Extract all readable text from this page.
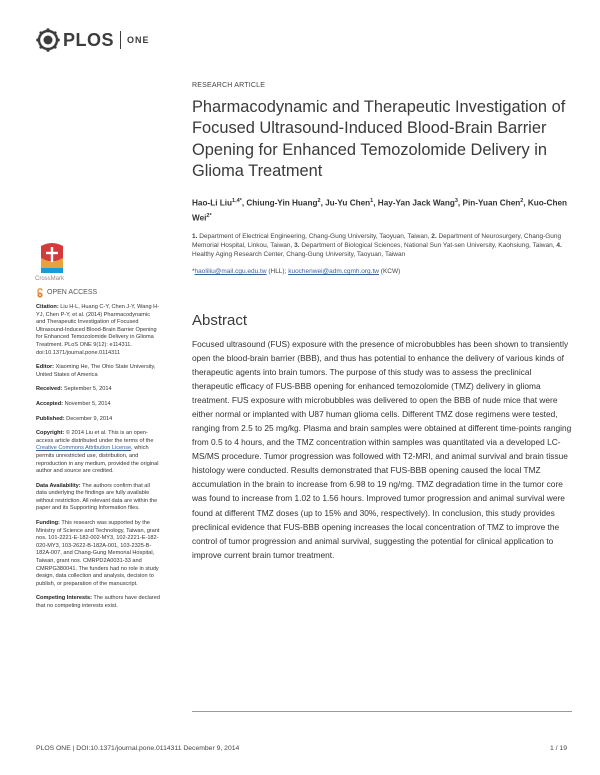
PLOS ONE
CrossMark
OPEN ACCESS

Citation: Liu H-L, Huang C-Y, Chen J-Y, Wang H-YJ, Chen P-Y, et al. (2014) Pharmacodynamic and Therapeutic Investigation of Focused Ultrasound-Induced Blood-Brain Barrier Opening for Enhanced Temozolomide Delivery in Glioma Treatment. PLoS ONE 9(12): e114311. doi:10.1371/journal.pone.0114311

Editor: Xiaoming He, The Ohio State University, United States of America

Received: September 5, 2014

Accepted: November 5, 2014

Published: December 9, 2014

Copyright: © 2014 Liu et al. This is an open-access article distributed under the terms of the Creative Commons Attribution License, which permits unrestricted use, distribution, and reproduction in any medium, provided the original author and source are credited.

Data Availability: The authors confirm that all data underlying the findings are fully available without restriction. All relevant data are within the paper and its Supporting Information files.

Funding: This research was supported by the Ministry of Science and Technology, Taiwan, grant nos. 101-2221-E-182-002-MY3, 102-2221-E-182-020-MY3, 103-2622-B-182A-001, 103-2325-B-182A-007, and Chang-Gung Memorial Hospital, Taiwan, grant nos. CMRPD2A0031-33 and CMRPG380041. The funders had no role in study design, data collection and analysis, decision to publish, or preparation of the manuscript.

Competing Interests: The authors have declared that no competing interests exist.

RESEARCH ARTICLE

Pharmacodynamic and Therapeutic Investigation of Focused Ultrasound-Induced Blood-Brain Barrier Opening for Enhanced Temozolomide Delivery in Glioma Treatment

Hao-Li Liu$^{1,4*}$, Chiung-Yin Huang$^2$, Ju-Yu Chen$^1$, Hay-Yan Jack Wang$^3$, Pin-Yuan Chen$^2$, Kuo-Chen Wei$^{2*}$

1. Department of Electrical Engineering, Chang-Gung University, Taoyuan, Taiwan, 2. Department of Neurosurgery, Chang-Gung Memorial Hospital, Linkou, Taiwan, 3. Department of Biological Sciences, National Sun Yat-sen University, Kaohsiung, Taiwan, 4. Healthy Aging Research Center, Chang-Gung University, Taoyuan, Taiwan

*haoliliu@mail.cgu.edu.tw (HLL); kuochenwei@adm.cgmh.org.tw (KCW)

Abstract

Focused ultrasound (FUS) exposure with the presence of microbubbles has been shown to transiently open the blood-brain barrier (BBB), and thus has potential to enhance the delivery of various kinds of therapeutic agents into brain tumors. The purpose of this study was to assess the preclinical therapeutic efficacy of FUS-BBB opening for enhanced temozolomide (TMZ) delivery in glioma treatment. FUS exposure with microbubbles was delivered to open the BBB of nude mice that were either normal or implanted with U87 human glioma cells. Different TMZ dose regimens were tested, ranging from 2.5 to 25 mg/kg. Plasma and brain samples were obtained at different time-points ranging from 0.5 to 4 hours, and the TMZ concentration within samples was quantitated via a developed LC-MS/MS procedure. Tumor progression was followed with T2-MRI, and animal survival and brain tissue histology were conducted. Results demonstrated that FUS-BBB opening caused the local TMZ accumulation in the brain to increase from 6.98 to 19 ng/mg. TMZ degradation time in the tumor core was found to increase from 1.02 to 1.56 hours. Improved tumor progression and animal survival were found at different TMZ doses (up to 15% and 30%, respectively). In conclusion, this study provides preclinical evidence that FUS-BBB opening increases the local concentration of TMZ to improve the control of tumor progression and animal survival, suggesting the potential for clinical application to improve current brain tumor treatment.

PLOS ONE | DOI:10.1371/journal.pone.0114311 December 9, 2014	1 / 19
